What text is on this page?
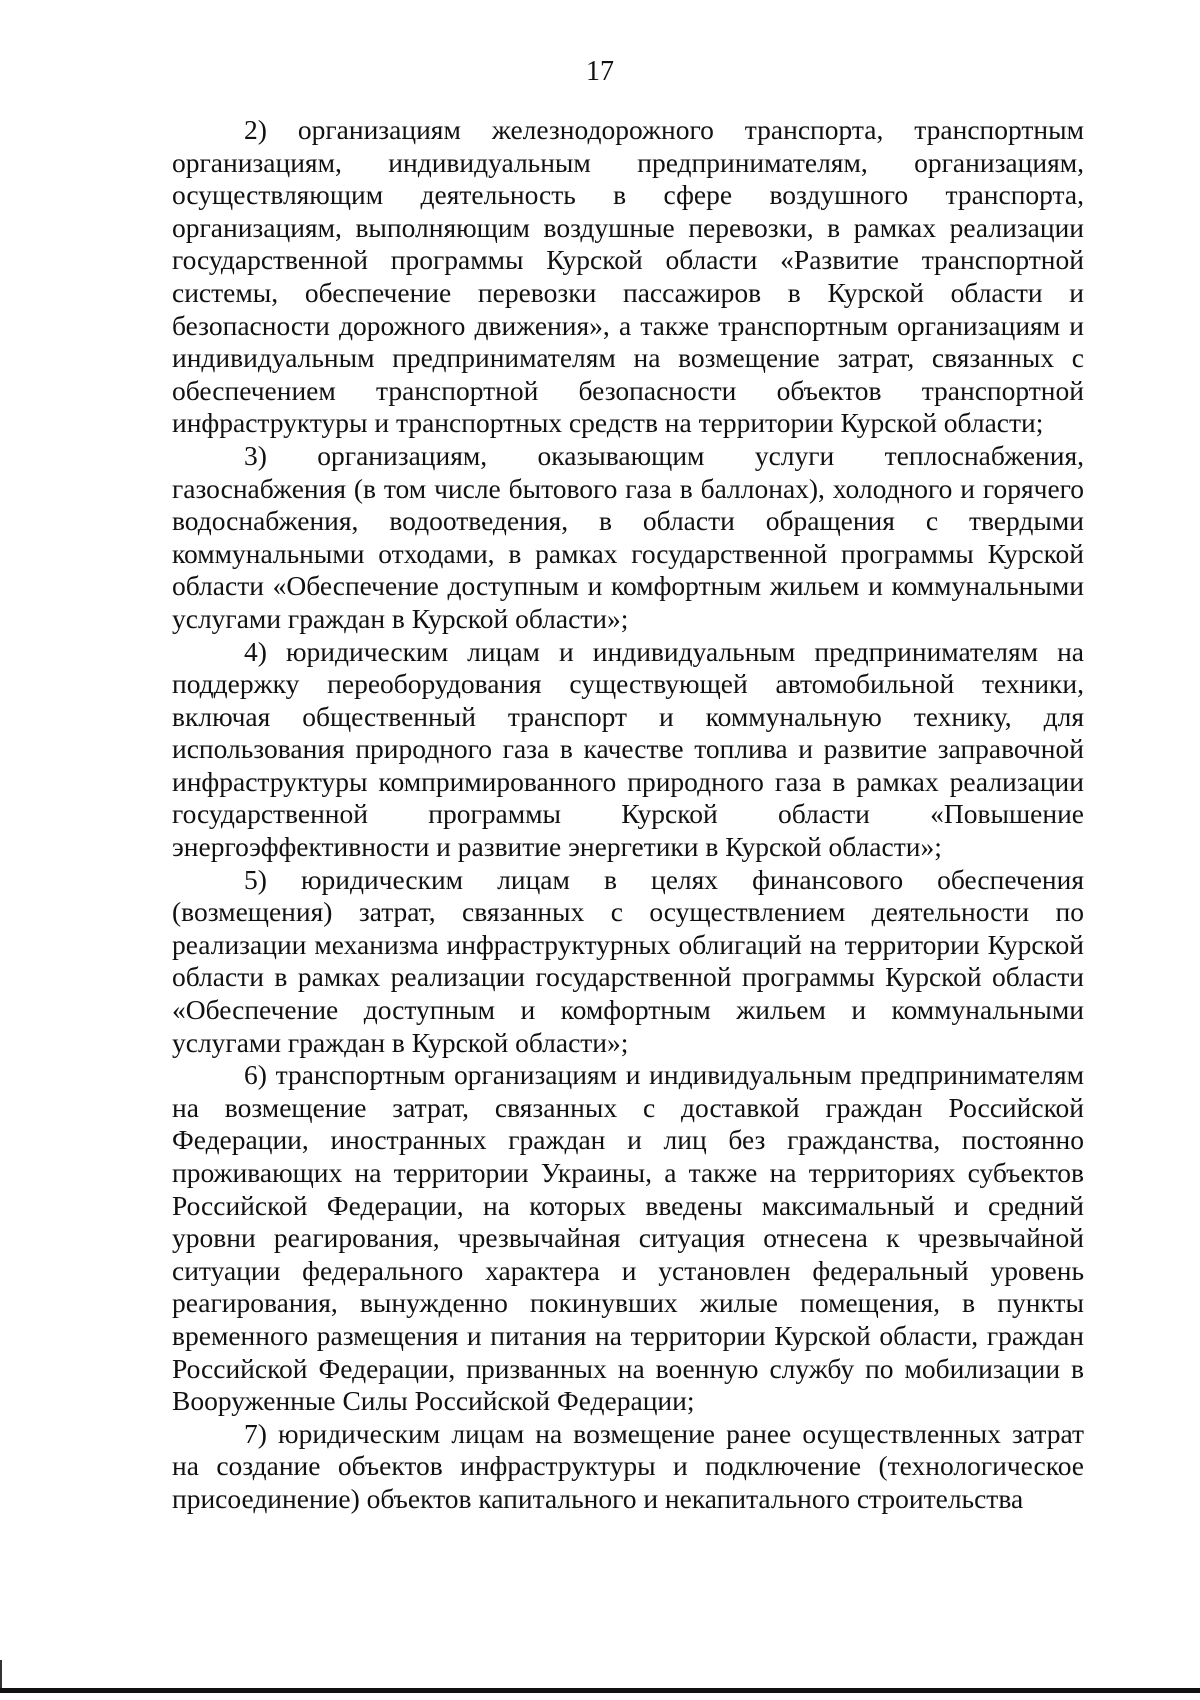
17

2) организациям железнодорожного транспорта, транспортным организациям, индивидуальным предпринимателям, организациям, осуществляющим деятельность в сфере воздушного транспорта, организациям, выполняющим воздушные перевозки, в рамках реализации государственной программы Курской области «Развитие транспортной системы, обеспечение перевозки пассажиров в Курской области и безопасности дорожного движения», а также транспортным организациям и индивидуальным предпринимателям на возмещение затрат, связанных с обеспечением транспортной безопасности объектов транспортной инфраструктуры и транспортных средств на территории Курской области;

3) организациям, оказывающим услуги теплоснабжения, газоснабжения (в том числе бытового газа в баллонах), холодного и горячего водоснабжения, водоотведения, в области обращения с твердыми коммунальными отходами, в рамках государственной программы Курской области «Обеспечение доступным и комфортным жильем и коммунальными услугами граждан в Курской области»;

4) юридическим лицам и индивидуальным предпринимателям на поддержку переоборудования существующей автомобильной техники, включая общественный транспорт и коммунальную технику, для использования природного газа в качестве топлива и развитие заправочной инфраструктуры компримированного природного газа в рамках реализации государственной программы Курской области «Повышение энергоэффективности и развитие энергетики в Курской области»;

5) юридическим лицам в целях финансового обеспечения (возмещения) затрат, связанных с осуществлением деятельности по реализации механизма инфраструктурных облигаций на территории Курской области в рамках реализации государственной программы Курской области «Обеспечение доступным и комфортным жильем и коммунальными услугами граждан в Курской области»;

6) транспортным организациям и индивидуальным предпринимателям на возмещение затрат, связанных с доставкой граждан Российской Федерации, иностранных граждан и лиц без гражданства, постоянно проживающих на территории Украины, а также на территориях субъектов Российской Федерации, на которых введены максимальный и средний уровни реагирования, чрезвычайная ситуация отнесена к чрезвычайной ситуации федерального характера и установлен федеральный уровень реагирования, вынужденно покинувших жилые помещения, в пункты временного размещения и питания на территории Курской области, граждан Российской Федерации, призванных на военную службу по мобилизации в Вооруженные Силы Российской Федерации;

7) юридическим лицам на возмещение ранее осуществленных затрат на создание объектов инфраструктуры и подключение (технологическое присоединение) объектов капитального и некапитального строительства
